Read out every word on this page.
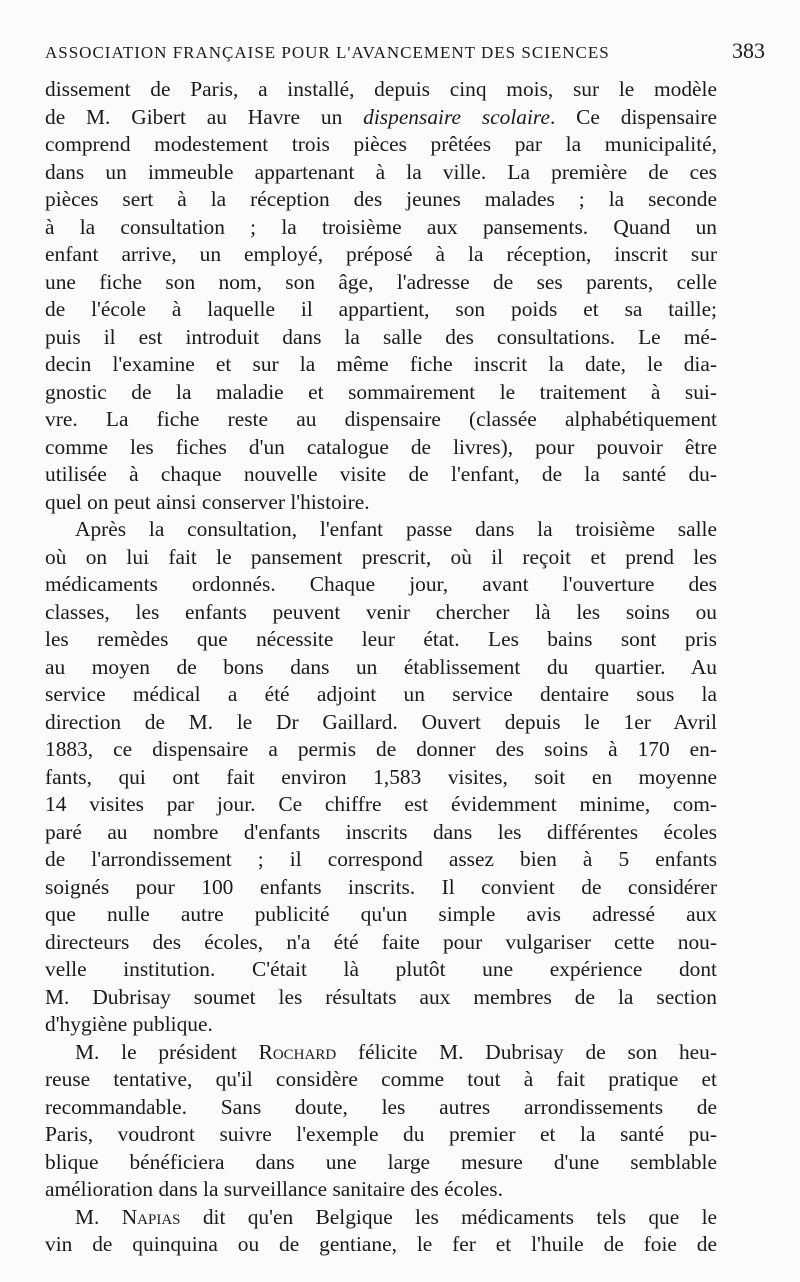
ASSOCIATION FRANÇAISE POUR L'AVANCEMENT DES SCIENCES	383

dissement de Paris, a installé, depuis cinq mois, sur le modèle

de M. Gibert au Havre un dispensaire scolaire. Ce dispensaire

comprend modestement trois pièces prêtées par la municipalité,

dans un immeuble appartenant à la ville. La première de ces

pièces sert à la réception des jeunes malades ; la seconde

à la consultation ; la troisième aux pansements. Quand un

enfant arrive, un employé, préposé à la réception, inscrit sur

une fiche son nom, son âge, l'adresse de ses parents, celle

de l'école à laquelle il appartient, son poids et sa taille;

puis il est introduit dans la salle des consultations. Le mé-

decin l'examine et sur la même fiche inscrit la date, le dia-

gnostic de la maladie et sommairement le traitement à sui-

vre. La fiche reste au dispensaire (classée alphabétiquement

comme les fiches d'un catalogue de livres), pour pouvoir être

utilisée à chaque nouvelle visite de l'enfant, de la santé du-

quel on peut ainsi conserver l'histoire.

Après la consultation, l'enfant passe dans la troisième salle

où on lui fait le pansement prescrit, où il reçoit et prend les

médicaments ordonnés. Chaque jour, avant l'ouverture des

classes, les enfants peuvent venir chercher là les soins ou

les remèdes que nécessite leur état. Les bains sont pris

au moyen de bons dans un établissement du quartier. Au

service médical a été adjoint un service dentaire sous la

direction de M. le Dr Gaillard. Ouvert depuis le 1er Avril

1883, ce dispensaire a permis de donner des soins à 170 en-

fants, qui ont fait environ 1,583 visites, soit en moyenne

14 visites par jour. Ce chiffre est évidemment minime, com-

paré au nombre d'enfants inscrits dans les différentes écoles

de l'arrondissement ; il correspond assez bien à 5 enfants

soignés pour 100 enfants inscrits. Il convient de considérer

que nulle autre publicité qu'un simple avis adressé aux

directeurs des écoles, n'a été faite pour vulgariser cette nou-

velle institution. C'était là plutôt une expérience dont

M. Dubrisay soumet les résultats aux membres de la section

d'hygiène publique.

M. le président Rochard félicite M. Dubrisay de son heu-

reuse tentative, qu'il considère comme tout à fait pratique et

recommandable. Sans doute, les autres arrondissements de

Paris, voudront suivre l'exemple du premier et la santé pu-

blique bénéficiera dans une large mesure d'une semblable

amélioration dans la surveillance sanitaire des écoles.

M. Napias dit qu'en Belgique les médicaments tels que le

vin de quinquina ou de gentiane, le fer et l'huile de foie de
